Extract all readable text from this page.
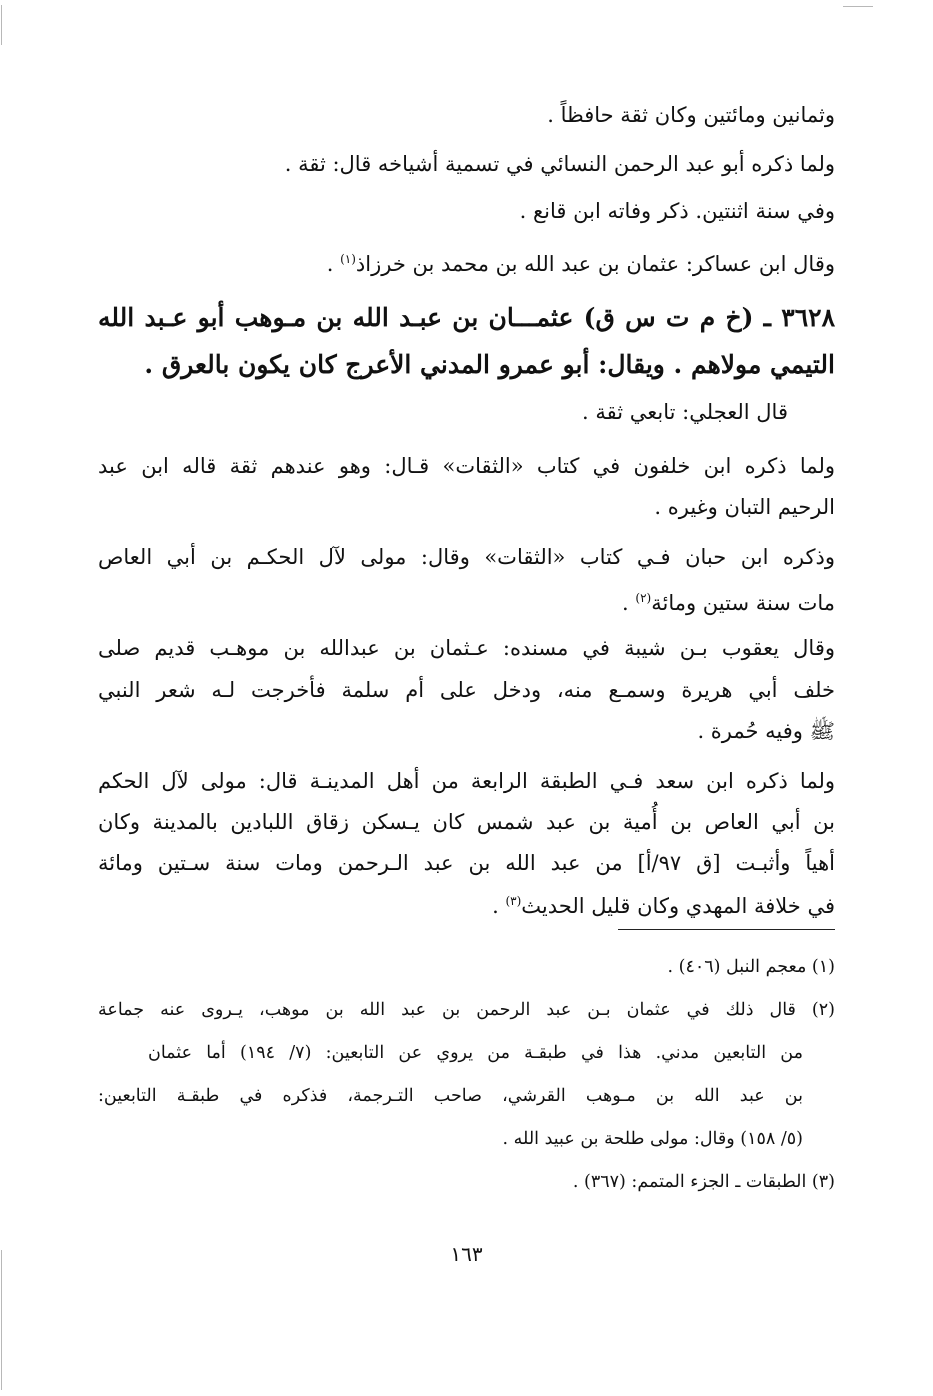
وثمانين ومائتين وكان ثقة حافظاً .
ولما ذكره أبو عبد الرحمن النسائي في تسمية أشياخه قال: ثقة .
وفي سنة اثنتين. ذكر وفاته ابن قانع .
وقال ابن عساكر: عثمان بن عبد الله بن محمد بن خرزاذ$^{(١)}$ .
٣٦٢٨ ـ (خ م ت س ق) عثمـــان بن عبـد الله بن مـوهب أبو عـبد الله
التيمي مولاهم . ويقال: أبو عمرو المدني الأعرج كان يكون بالعرق .
قال العجلي: تابعي ثقة .
ولما ذكره ابن خلفون في كتاب «الثقات» قـال: وهو عندهم ثقة قاله ابن عبد
الرحيم التبان وغيره .
وذكره ابن حبان فـي كتاب «الثقات» وقال: مولى لآل الحكـم بن أبي العاص
مات سنة ستين ومائة$^{(٢)}$ .
وقال يعقوب بـن شيبة في مسنده: عـثمان بن عبدالله بن موهـب قديم صلى
خلف أبي هريرة وسمـع منه، ودخل على أم سلمة فأخرجت لـه شعر النبي
ﷺ وفيه حُمرة .
ولما ذكره ابن سعد فـي الطبقة الرابعة من أهل المدينـة قال: مولى لآل الحكم
بن أبي العاص بن أُمية بن عبد شمس كان يـسكن زقاق اللبادين بالمدينة وكان
أهياً وأثبـت [ق ٩٧/أ] من عبد الله بن عبد الـرحمن ومات سنة سـتين ومائة
في خلافة المهدي وكان قليل الحديث$^{(٣)}$ .
(١) معجم النبل (٤٠٦) .
(٢) قال ذلك في عثمان بـن عبد الرحمن بن عبد الله بن موهب، يـروى عنه جماعة
من التابعين مدني. هذا في طبقـة من يروي عن التابعين: (٧/ ١٩٤) أما عثمان
بن عبد الله بن مـوهب القرشي، صاحب التـرجمة، فذكره في طبقـة التابعين:
(٥/ ١٥٨) وقال: مولى طلحة بن عبيد الله .
(٣) الطبقات ـ الجزء المتمم: (٣٦٧) .
١٦٣
